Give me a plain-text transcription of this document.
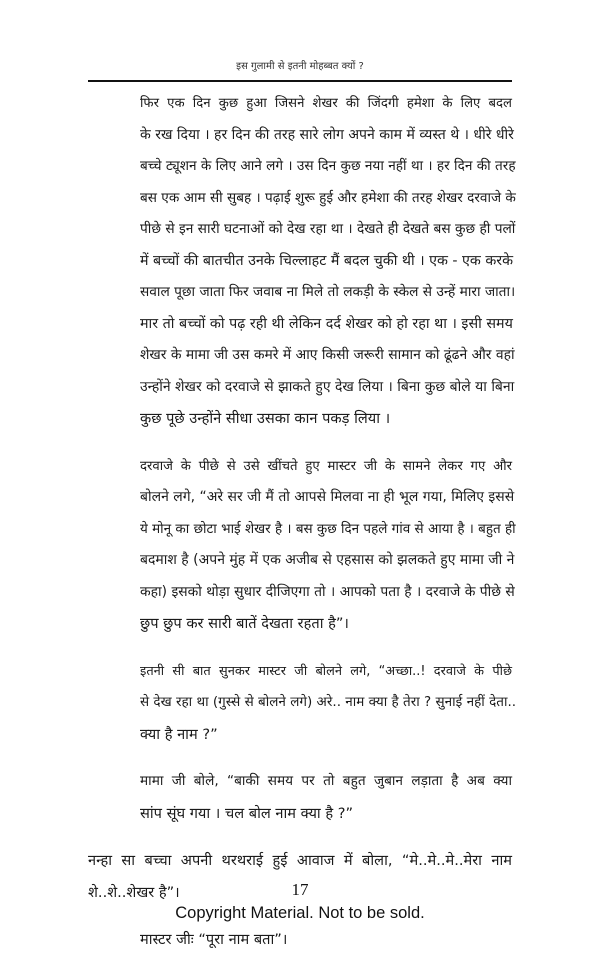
इस गुलामी से इतनी मोहब्बत क्यों ?
फिर एक दिन कुछ हुआ जिसने शेखर की जिंदगी हमेशा के लिए बदल
के रख दिया । हर दिन की तरह सारे लोग अपने काम में व्यस्त थे । धीरे धीरे
बच्चे ट्यूशन के लिए आने लगे । उस दिन कुछ नया नहीं था । हर दिन की तरह
बस एक आम सी सुबह । पढ़ाई शुरू हुई और हमेशा की तरह शेखर दरवाजे के
पीछे से इन सारी घटनाओं को देख रहा था । देखते ही देखते बस कुछ ही पलों
में बच्चों की बातचीत उनके चिल्लाहट मैं बदल चुकी थी । एक - एक करके
सवाल पूछा जाता फिर जवाब ना मिले तो लकड़ी के स्केल से उन्हें मारा जाता।
मार तो बच्चों को पढ़ रही थी लेकिन दर्द शेखर को हो रहा था । इसी समय
शेखर के मामा जी उस कमरे में आए किसी जरूरी सामान को ढूंढने और वहां
उन्होंने शेखर को दरवाजे से झाकते हुए देख लिया । बिना कुछ बोले या बिना
कुछ पूछे उन्होंने सीधा उसका कान पकड़ लिया ।
दरवाजे के पीछे से उसे खींचते हुए मास्टर जी के सामने लेकर गए और
बोलने लगे, “अरे सर जी मैं तो आपसे मिलवा ना ही भूल गया, मिलिए इससे
ये मोनू का छोटा भाई शेखर है । बस कुछ दिन पहले गांव से आया है । बहुत ही
बदमाश है (अपने मुंह में एक अजीब से एहसास को झलकते हुए मामा जी ने
कहा) इसको थोड़ा सुधार दीजिएगा तो । आपको पता है । दरवाजे के पीछे से
छुप छुप कर सारी बातें देखता रहता है”।
इतनी सी बात सुनकर मास्टर जी बोलने लगे, “अच्छा..! दरवाजे के पीछे
से देख रहा था (गुस्से से बोलने लगे) अरे.. नाम क्या है तेरा ? सुनाई नहीं देता..
क्या है नाम ?”
मामा जी बोले, “बाकी समय पर तो बहुत जुबान लड़ाता है अब क्या
सांप सूंघ गया । चल बोल नाम क्या है ?”
नन्हा सा बच्चा अपनी थरथराई हुई आवाज में बोला, “मे..मे..मे..मेरा नाम
शे..शे..शेखर है”।
मास्टर जीः “पूरा नाम बता”।
17
Copyright Material. Not to be sold.
